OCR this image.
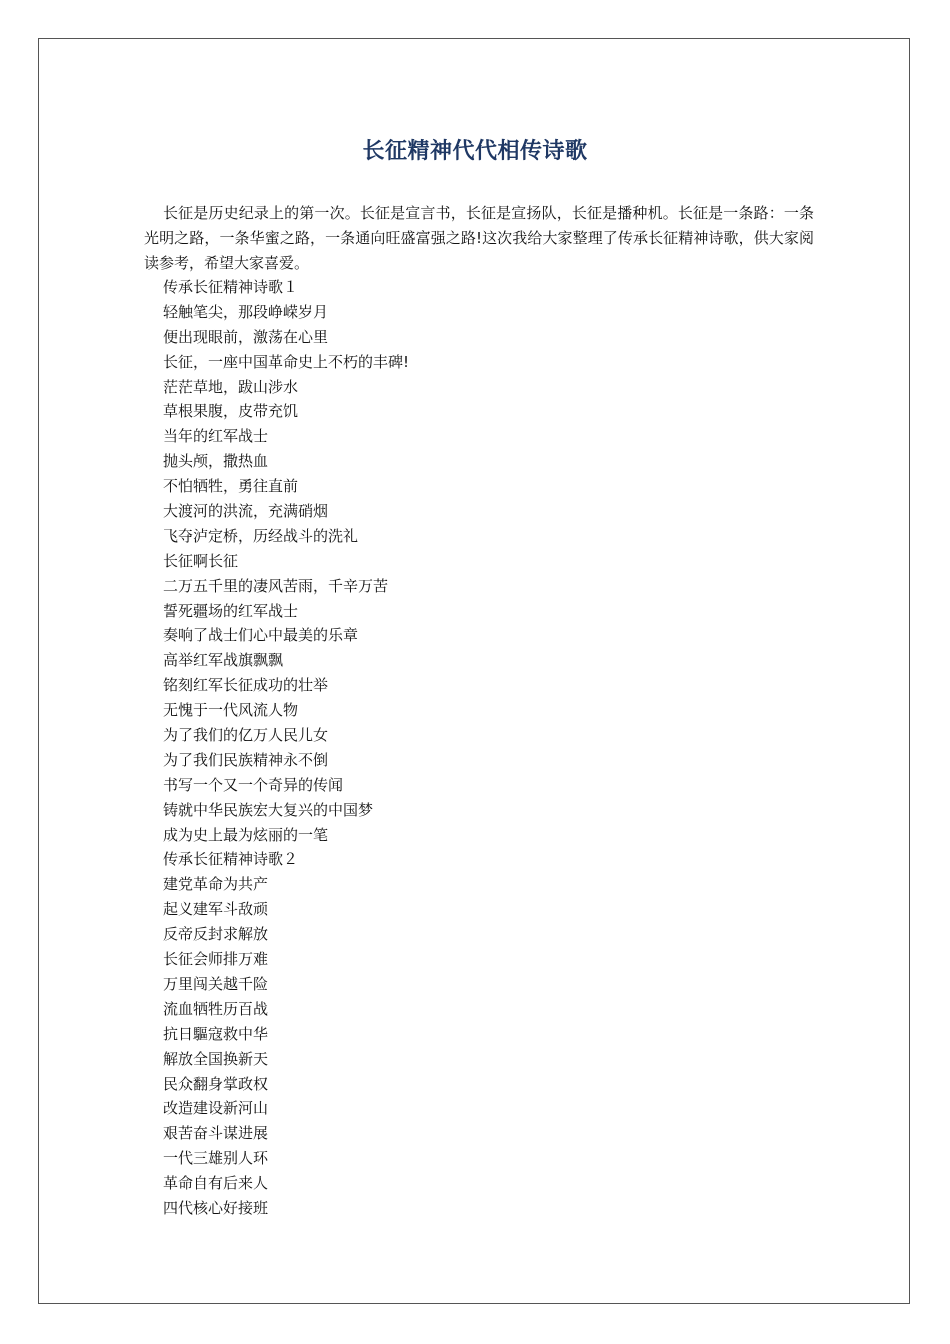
长征精神代代相传诗歌

长征是历史纪录上的第一次。长征是宣言书，长征是宣扬队，长征是播种机。长征是一条路：一条光明之路，一条华蜜之路，一条通向旺盛富强之路!这次我给大家整理了传承长征精神诗歌，供大家阅读参考，希望大家喜爱。

传承长征精神诗歌１
轻触笔尖，那段峥嵘岁月
便出现眼前，激荡在心里
长征，一座中国革命史上不朽的丰碑!
茫茫草地，跋山涉水
草根果腹，皮带充饥
当年的红军战士
抛头颅，撒热血
不怕牺牲，勇往直前
大渡河的洪流，充满硝烟
飞夺泸定桥，历经战斗的洗礼
长征啊长征
二万五千里的凄风苦雨，千辛万苦
誓死疆场的红军战士
奏响了战士们心中最美的乐章
高举红军战旗飘飘
铭刻红军长征成功的壮举
无愧于一代风流人物
为了我们的亿万人民儿女
为了我们民族精神永不倒
书写一个又一个奇异的传闻
铸就中华民族宏大复兴的中国梦
成为史上最为炫丽的一笔
传承长征精神诗歌２
建党革命为共产
起义建军斗敌顽
反帝反封求解放
长征会师排万难
万里闯关越千险
流血牺牲历百战
抗日驅寇救中华
解放全国换新天
民众翻身掌政权
改造建设新河山
艰苦奋斗谋进展
一代三雄别人环
革命自有后来人
四代核心好接班
